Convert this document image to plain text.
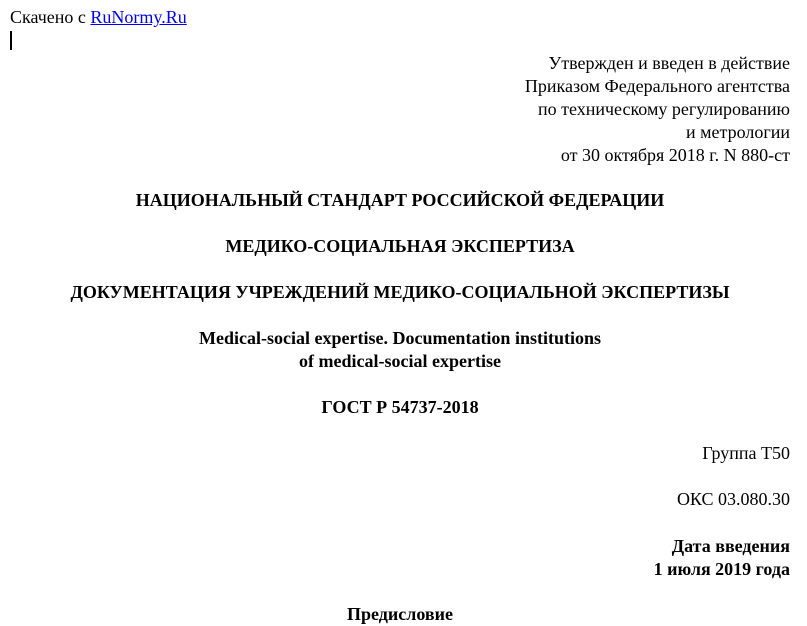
Скачено с RuNormy.Ru
Утвержден и введен в действие
Приказом Федерального агентства
по техническому регулированию
и метрологии
от 30 октября 2018 г. N 880-ст
НАЦИОНАЛЬНЫЙ СТАНДАРТ РОССИЙСКОЙ ФЕДЕРАЦИИ
МЕДИКО-СОЦИАЛЬНАЯ ЭКСПЕРТИЗА
ДОКУМЕНТАЦИЯ УЧРЕЖДЕНИЙ МЕДИКО-СОЦИАЛЬНОЙ ЭКСПЕРТИЗЫ
Medical-social expertise. Documentation institutions
of medical-social expertise
ГОСТ Р 54737-2018
Группа Т50
ОКС 03.080.30
Дата введения
1 июля 2019 года
Предисловие
